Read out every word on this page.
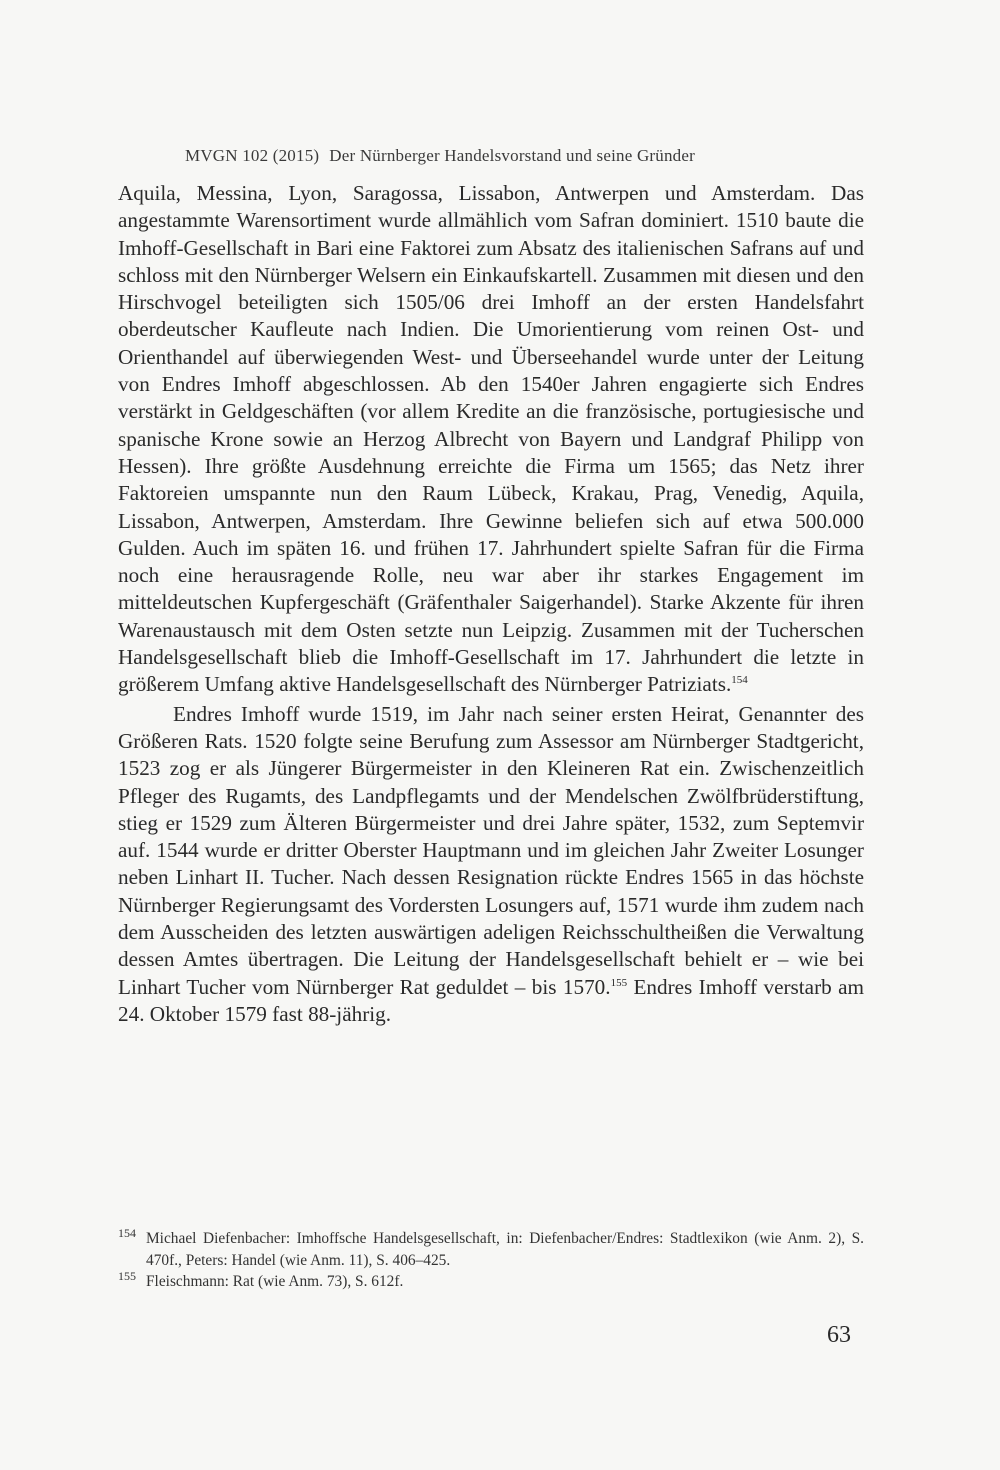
MVGN 102 (2015) Der Nürnberger Handelsvorstand und seine Gründer

Aquila, Messina, Lyon, Saragossa, Lissabon, Antwerpen und Amsterdam. Das angestammte Warensortiment wurde allmählich vom Safran dominiert. 1510 baute die Imhoff-Gesellschaft in Bari eine Faktorei zum Absatz des italienischen Safrans auf und schloss mit den Nürnberger Welsern ein Einkaufskartell. Zusammen mit diesen und den Hirschvogel beteiligten sich 1505/06 drei Imhoff an der ersten Handelsfahrt oberdeutscher Kaufleute nach Indien. Die Umorientierung vom reinen Ost- und Orienthandel auf überwiegenden West- und Überseehandel wurde unter der Leitung von Endres Imhoff abgeschlossen. Ab den 1540er Jahren engagierte sich Endres verstärkt in Geldgeschäften (vor allem Kredite an die französische, portugiesische und spanische Krone sowie an Herzog Albrecht von Bayern und Landgraf Philipp von Hessen). Ihre größte Ausdehnung erreichte die Firma um 1565; das Netz ihrer Faktoreien umspannte nun den Raum Lübeck, Krakau, Prag, Venedig, Aquila, Lissabon, Antwerpen, Amsterdam. Ihre Gewinne beliefen sich auf etwa 500.000 Gulden. Auch im späten 16. und frühen 17. Jahrhundert spielte Safran für die Firma noch eine herausragende Rolle, neu war aber ihr starkes Engagement im mitteldeutschen Kupfergeschäft (Gräfenthaler Saigerhandel). Starke Akzente für ihren Warenaustausch mit dem Osten setzte nun Leipzig. Zusammen mit der Tucherschen Handelsgesellschaft blieb die Imhoff-Gesellschaft im 17. Jahrhundert die letzte in größerem Umfang aktive Handelsgesellschaft des Nürnberger Patriziats.$^{154}$

Endres Imhoff wurde 1519, im Jahr nach seiner ersten Heirat, Genannter des Größeren Rats. 1520 folgte seine Berufung zum Assessor am Nürnberger Stadtgericht, 1523 zog er als Jüngerer Bürgermeister in den Kleineren Rat ein. Zwischenzeitlich Pfleger des Rugamts, des Landpflegamts und der Mendelschen Zwölfbrüderstiftung, stieg er 1529 zum Älteren Bürgermeister und drei Jahre später, 1532, zum Septemvir auf. 1544 wurde er dritter Oberster Hauptmann und im gleichen Jahr Zweiter Losunger neben Linhart II. Tucher. Nach dessen Resignation rückte Endres 1565 in das höchste Nürnberger Regierungsamt des Vordersten Losungers auf, 1571 wurde ihm zudem nach dem Ausscheiden des letzten auswärtigen adeligen Reichsschultheißen die Verwaltung dessen Amtes übertragen. Die Leitung der Handelsgesellschaft behielt er – wie bei Linhart Tucher vom Nürnberger Rat geduldet – bis 1570.$^{155}$ Endres Imhoff verstarb am 24. Oktober 1579 fast 88-jährig.

$^{154}$ Michael Diefenbacher: Imhoffsche Handelsgesellschaft, in: Diefenbacher/Endres: Stadtlexikon (wie Anm. 2), S. 470f., Peters: Handel (wie Anm. 11), S. 406–425.

$^{155}$ Fleischmann: Rat (wie Anm. 73), S. 612f.

63
